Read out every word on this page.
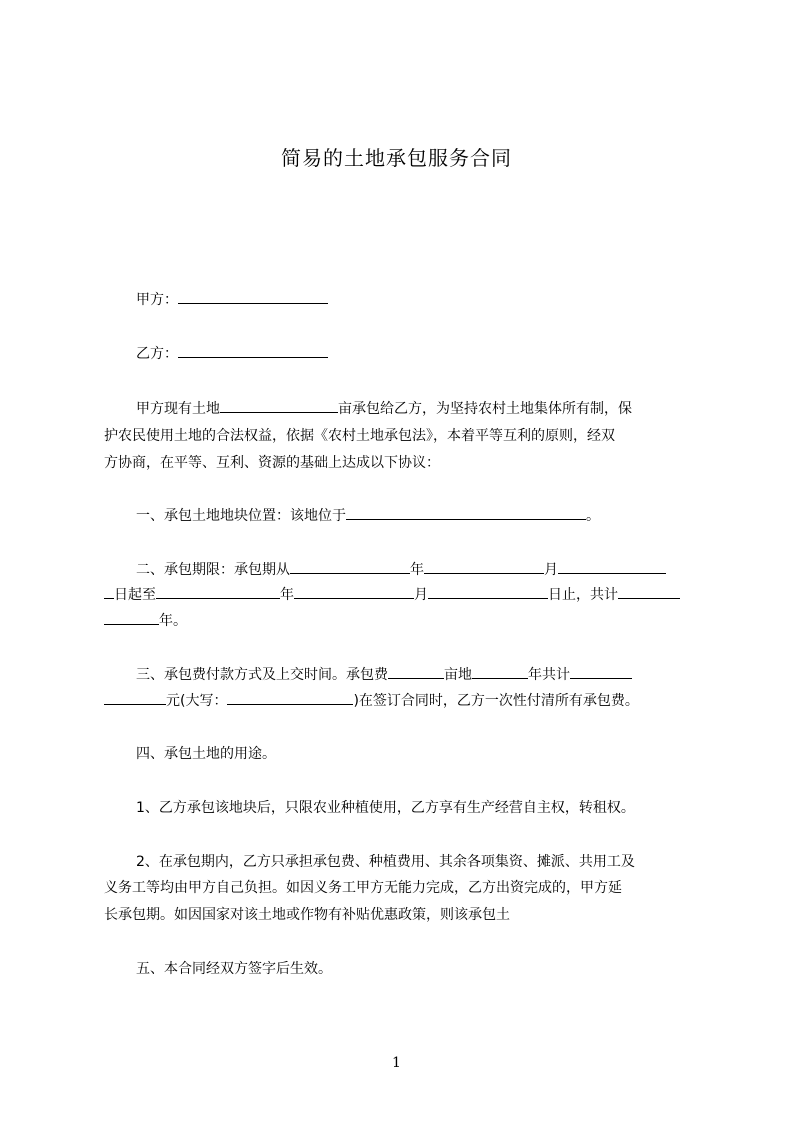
简易的土地承包服务合同
甲方：
乙方：
甲方现有土地	亩承包给乙方，为坚持农村土地集体所有制，保
护农民使用土地的合法权益，依据《农村土地承包法》，本着平等互利的原则，经双
方协商，在平等、互利、资源的基础上达成以下协议：
一、承包土地地块位置：该地位于	。
二、承包期限：承包期从	年	月
日起至	年	月	日止，共计
年。
三、承包费付款方式及上交时间。承包费	亩地	年共计
元(大写：	)在签订合同时，乙方一次性付清所有承包费。
四、承包土地的用途。
1、乙方承包该地块后，只限农业种植使用，乙方享有生产经营自主权，转租权。
2、在承包期内，乙方只承担承包费、种植费用、其余各项集资、摊派、共用工及
义务工等均由甲方自己负担。如因义务工甲方无能力完成，乙方出资完成的，甲方延
长承包期。如因国家对该土地或作物有补贴优惠政策，则该承包土
五、本合同经双方签字后生效。
1
